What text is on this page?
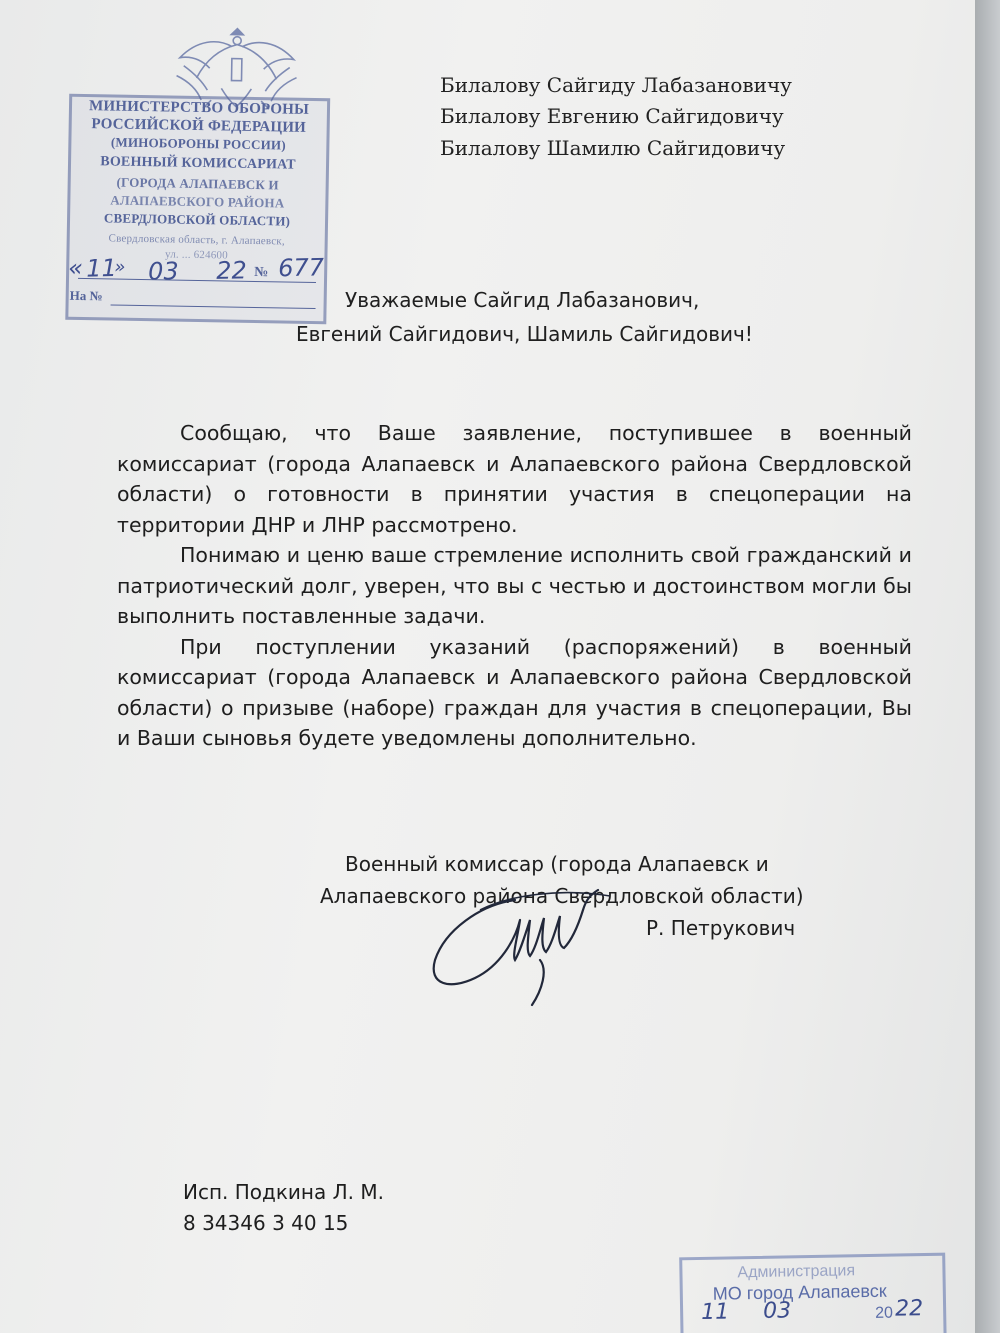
МИНИСТЕРСТВО ОБОРОНЫ
РОССИЙСКОЙ ФЕДЕРАЦИИ
(МИНОБОРОНЫ РОССИИ)
ВОЕННЫЙ КОМИССАРИАТ
(ГОРОДА АЛАПАЕВСК И
АЛАПАЕВСКОГО РАЙОНА
СВЕРДЛОВСКОЙ ОБЛАСТИ)
Свердловская область, г. Алапаевск,
ул. ... 624600
« 11
» 03 22 № 677
На №
Билалову Сайгиду Лабазановичу
Билалову Евгению Сайгидовичу
Билалову Шамилю Сайгидовичу
Уважаемые Сайгид Лабазанович,
Евгений Сайгидович, Шамиль Сайгидович!

Сообщаю, что Ваше заявление, поступившее в военный комиссариат (города Алапаевск и Алапаевского района Свердловской области) о готовности в принятии участия в спецоперации на территории ДНР и ЛНР рассмотрено.

Понимаю и ценю ваше стремление исполнить свой гражданский и патриотический долг, уверен, что вы с честью и достоинством могли бы выполнить поставленные задачи.

При поступлении указаний (распоряжений) в военный комиссариат (города Алапаевск и Алапаевского района Свердловской области) о призыве (наборе) граждан для участия в спецоперации, Вы и Ваши сыновья будете уведомлены дополнительно.

Военный комиссар (города Алапаевск и
Алапаевского района Свердловской области)
Р. Петрукович
Исп. Подкина Л. М.
8 34346 3 40 15
Администрация
МО город Алапаевск
11 03	20 22
